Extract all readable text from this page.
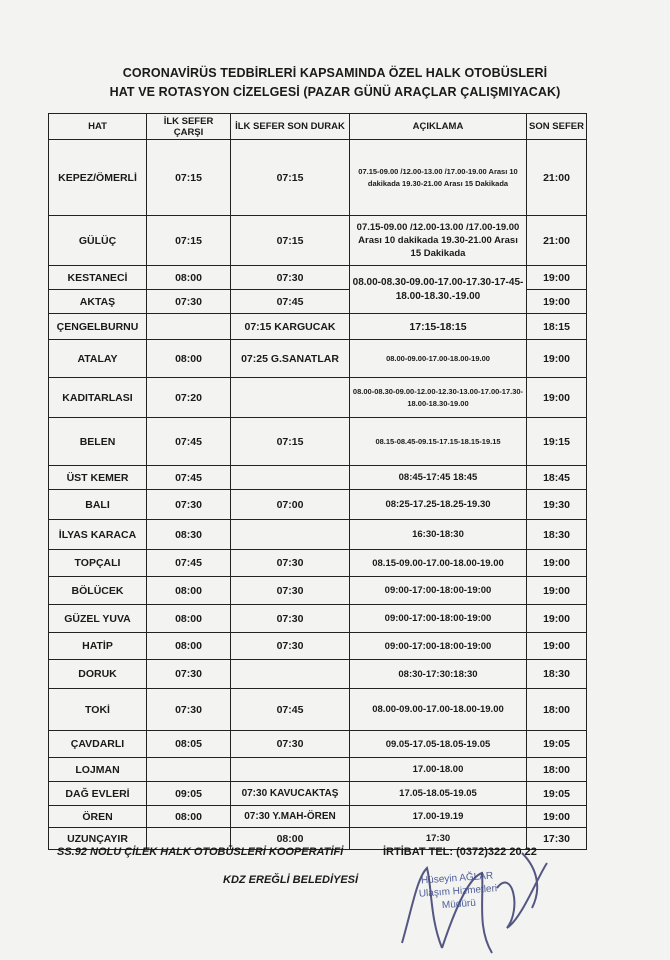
CORONAVİRÜS TEDBİRLERİ KAPSAMINDA ÖZEL HALK OTOBÜSLERİ
HAT VE ROTASYON CİZELGESİ (PAZAR GÜNÜ ARAÇLAR ÇALIŞMIYACAK)
HAT	İLK SEFER ÇARŞI	İLK SEFER SON DURAK	AÇIKLAMA	SON SEFER
KEPEZ/ÖMERLİ	07:15	07:15	07.15-09.00 /12.00-13.00 /17.00-19.00 Arası 10 dakikada 19.30-21.00 Arası 15 Dakikada	21:00
GÜLÜÇ	07:15	07:15	07.15-09.00 /12.00-13.00 /17.00-19.00 Arası 10 dakikada 19.30-21.00 Arası 15 Dakikada	21:00
KESTANECİ	08:00	07:30	08.00-08.30-09.00-17.00-17.30-17-45-18.00-18.30.-19.00	19:00
AKTAŞ	07:30	07:45		19:00
ÇENGELBURNU		07:15 KARGUCAK	17:15-18:15	18:15
ATALAY	08:00	07:25 G.SANATLAR	08.00-09.00-17.00-18.00-19.00	19:00
KADITARLASI	07:20		08.00-08.30-09.00-12.00-12.30-13.00-17.00-17.30-18.00-18.30-19.00	19:00
BELEN	07:45	07:15	08.15-08.45-09.15-17.15-18.15-19.15	19:15
ÜST KEMER	07:45		08:45-17:45 18:45	18:45
BALI	07:30	07:00	08:25-17.25-18.25-19.30	19:30
İLYAS KARACA	08:30		16:30-18:30	18:30
TOPÇALI	07:45	07:30	08.15-09.00-17.00-18.00-19.00	19:00
BÖLÜCEK	08:00	07:30	09:00-17:00-18:00-19:00	19:00
GÜZEL YUVA	08:00	07:30	09:00-17:00-18:00-19:00	19:00
HATİP	08:00	07:30	09:00-17:00-18:00-19:00	19:00
DORUK	07:30		08:30-17:30:18:30	18:30
TOKİ	07:30	07:45	08.00-09.00-17.00-18.00-19.00	18:00
ÇAVDARLI	08:05	07:30	09.05-17.05-18.05-19.05	19:05
LOJMAN			17.00-18.00	18:00
DAĞ EVLERİ	09:05	07:30 KAVUCAKTAŞ	17.05-18.05-19.05	19:05
ÖREN	08:00	07:30 Y.MAH-ÖREN	17.00-19.19	19:00
UZUNÇAYIR		08:00	17:30	17:30
SS.92 NOLU ÇİLEK HALK OTOBÜSLERİ KOOPERATİFİ	İRTİBAT TEL: (0372)322 20 22
KDZ EREĞLİ BELEDİYESİ	Hüseyin AĞLAR
Ulaşım Hizmetleri
Müdürü
